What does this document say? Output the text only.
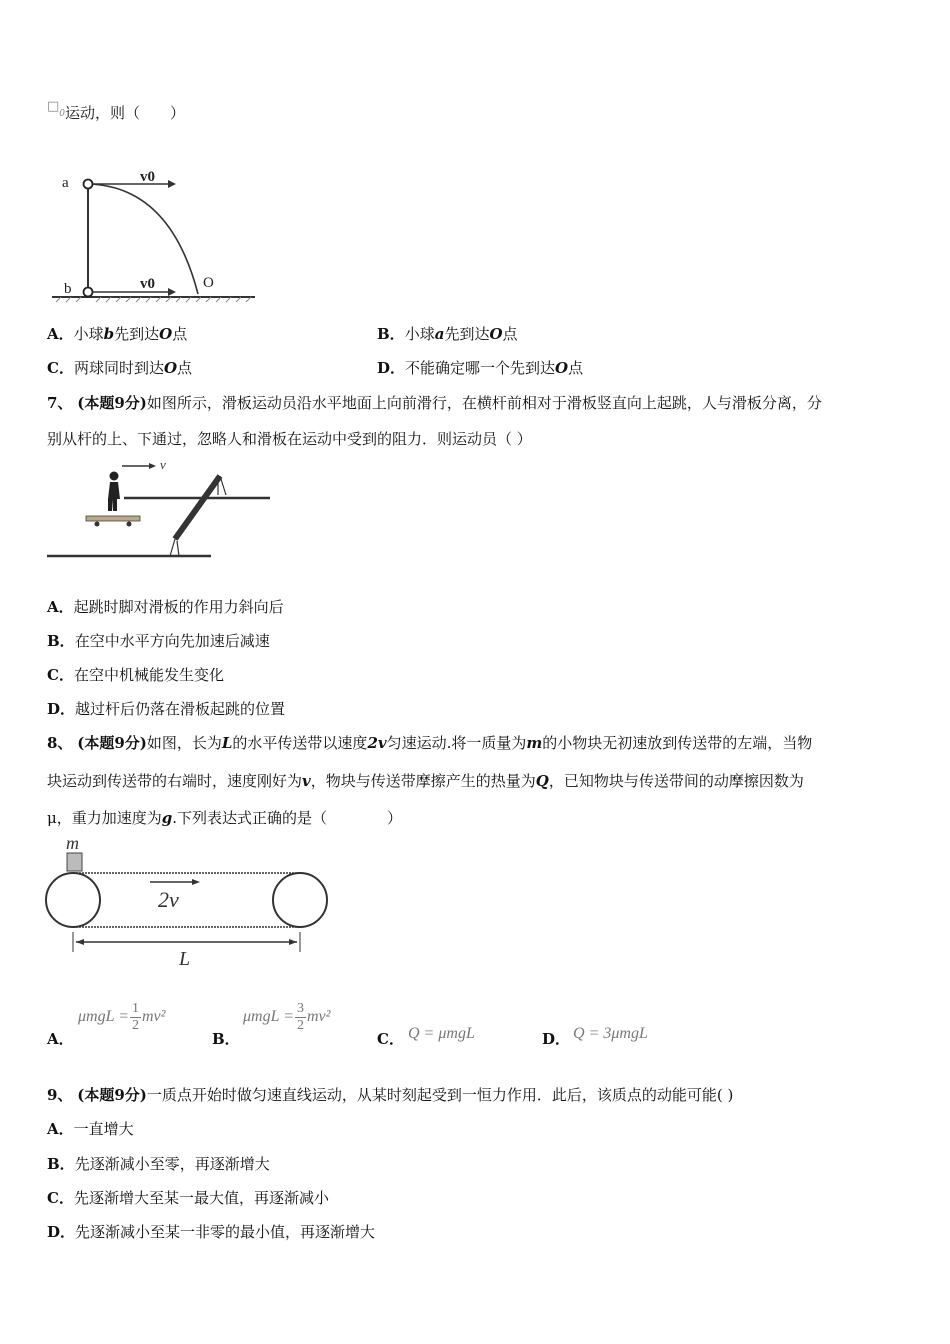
$□_0$运动，则（　　）
a
b	O
v0
v0
A．小球b先到达O点	B．小球a先到达O点
C．两球同时到达O点	D．不能确定哪一个先到达O点
7、 (本题9分)如图所示，滑板运动员沿水平地面上向前滑行，在横杆前相对于滑板竖直向上起跳，人与滑板分离，分
别从杆的上、下通过，忽略人和滑板在运动中受到的阻力．则运动员（ ）
v
A．起跳时脚对滑板的作用力斜向后
B．在空中水平方向先加速后减速
C．在空中机械能发生变化
D．越过杆后仍落在滑板起跳的位置
8、 (本题9分)如图，长为L的水平传送带以速度2v匀速运动.将一质量为m的小物块无初速放到传送带的左端，当物
块运动到传送带的右端时，速度刚好为v，物块与传送带摩擦产生的热量为Q，已知物块与传送带间的动摩擦因数为
μ，重力加速度为g.下列表达式正确的是（　　　　）
m
2v
L
A．
$\mu mgL = \frac{1}{2} mv^2$
B．
$\mu mgL = \frac{3}{2} mv^2$
C． Q = μmgL	D． Q = 3μmgL
9、 (本题9分)一质点开始时做匀速直线运动，从某时刻起受到一恒力作用．此后，该质点的动能可能( )
A．一直增大
B．先逐渐减小至零，再逐渐增大
C．先逐渐增大至某一最大值，再逐渐减小
D．先逐渐减小至某一非零的最小值，再逐渐增大
